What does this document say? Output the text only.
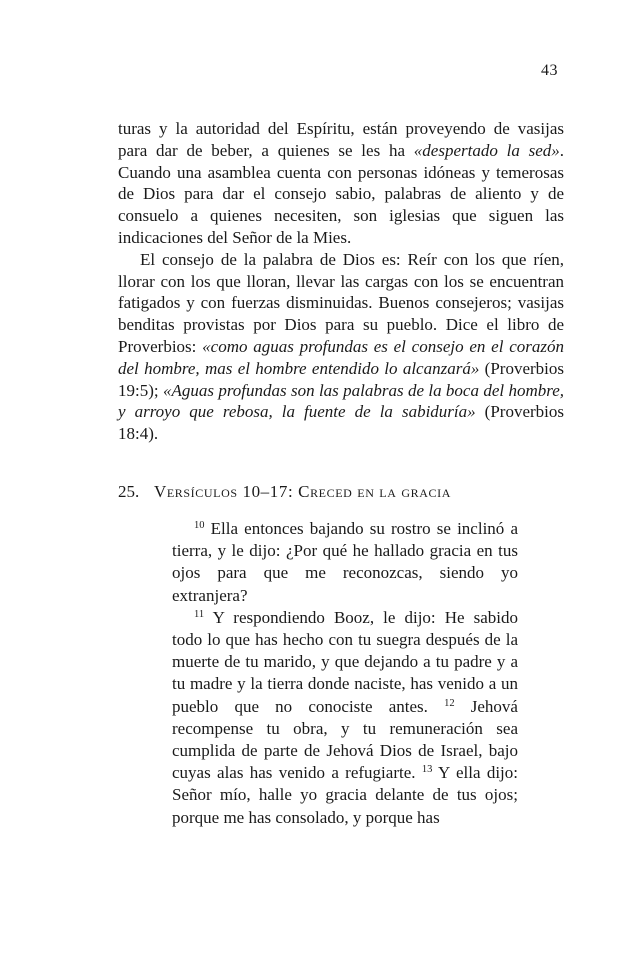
43

turas y la autoridad del Espíritu, están proveyendo de vasijas para dar de beber, a quienes se les ha «despertado la sed». Cuando una asamblea cuenta con personas idóneas y temerosas de Dios para dar el consejo sabio, palabras de aliento y de consuelo a quienes necesiten, son iglesias que siguen las indicaciones del Señor de la Mies.

El consejo de la palabra de Dios es: Reír con los que ríen, llorar con los que lloran, llevar las cargas con los se encuentran fatigados y con fuerzas disminuidas. Buenos consejeros; vasijas benditas provistas por Dios para su pueblo. Dice el libro de Proverbios: «como aguas profundas es el consejo en el corazón del hombre, mas el hombre entendido lo alcanzará» (Proverbios 19:5); «Aguas profundas son las palabras de la boca del hombre, y arroyo que rebosa, la fuente de la sabiduría» (Proverbios 18:4).

25. Versículos 10–17: Creced en la gracia

$^{10}$ Ella entonces bajando su rostro se inclinó a tierra, y le dijo: ¿Por qué he hallado gracia en tus ojos para que me reconozcas, siendo yo extranjera?

$^{11}$ Y respondiendo Booz, le dijo: He sabido todo lo que has hecho con tu suegra después de la muerte de tu marido, y que dejando a tu padre y a tu madre y la tierra donde naciste, has venido a un pueblo que no conociste antes. $^{12}$ Jehová recompense tu obra, y tu remuneración sea cumplida de parte de Jehová Dios de Israel, bajo cuyas alas has venido a refugiarte. $^{13}$ Y ella dijo: Señor mío, halle yo gracia delante de tus ojos; porque me has consolado, y porque has
